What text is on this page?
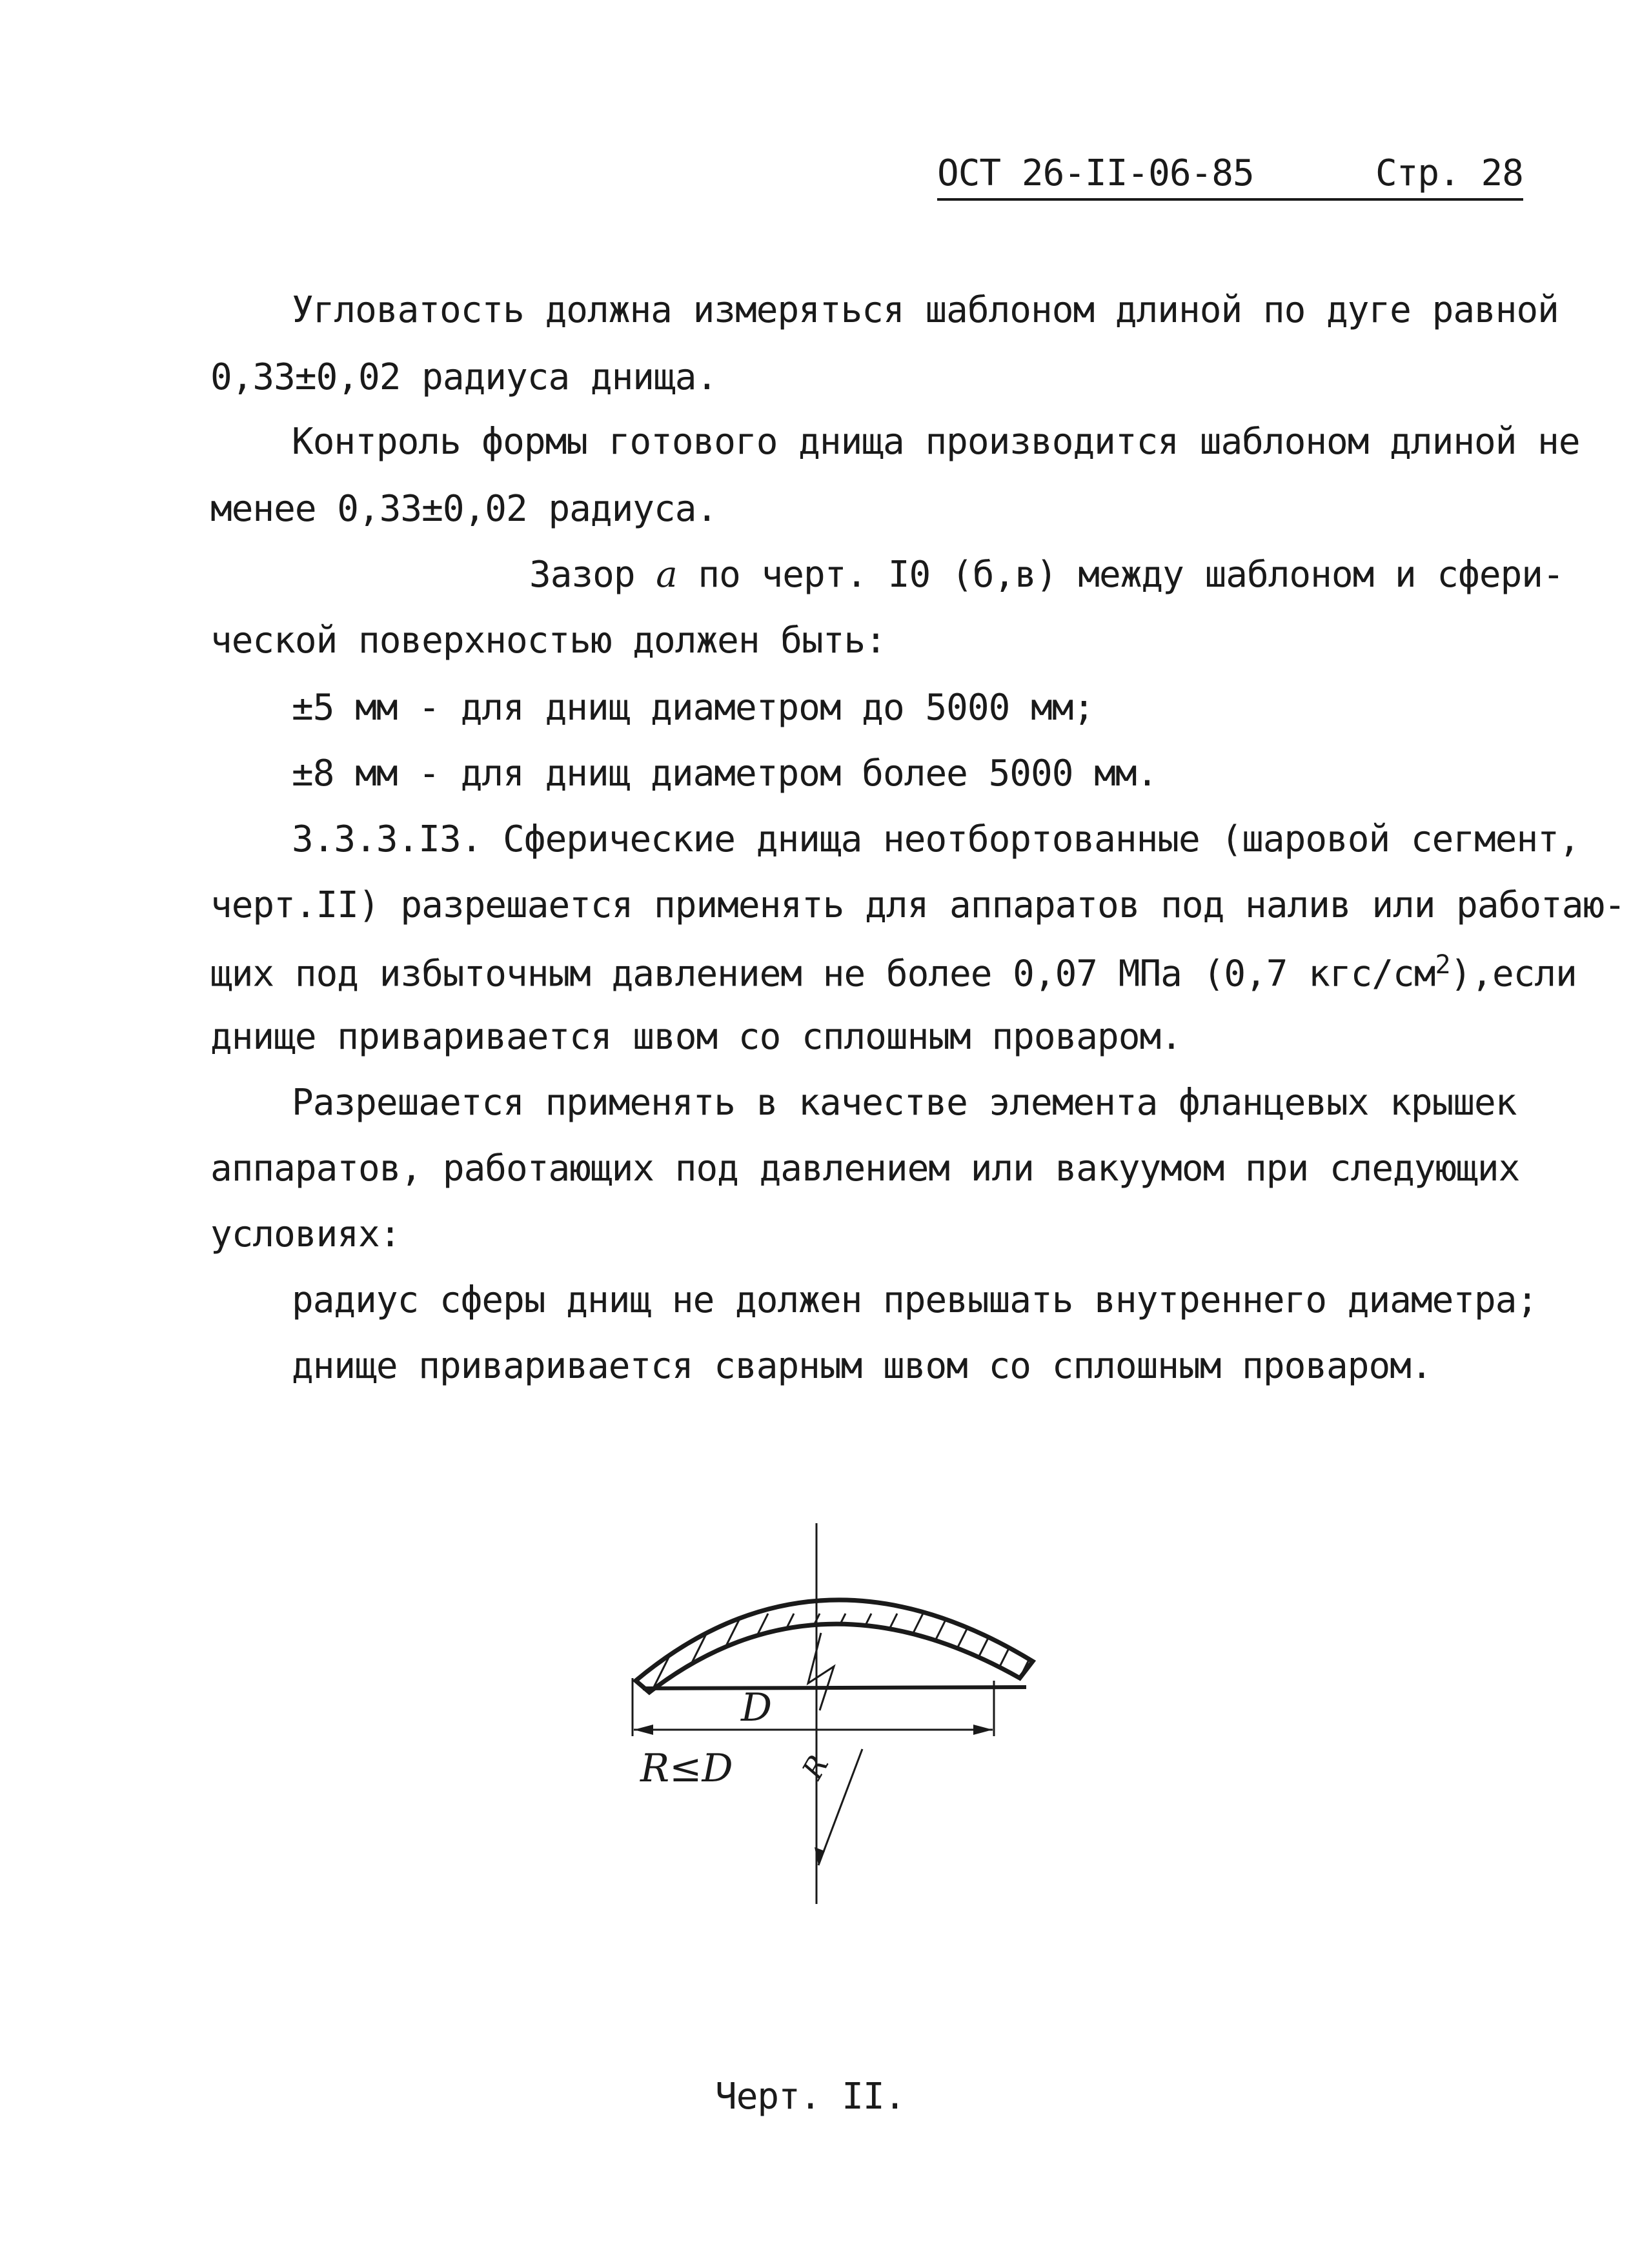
ОСТ 26-II-06-85	Стр. 28
Угловатость должна измеряться шаблоном длиной по дуге равной
0,33±0,02 радиуса днища.
Контроль формы готового днища производится шаблоном длиной не
менее 0,33±0,02 радиуса.
Зазор а по черт. I0 (б,в) между шаблоном и сфери-
ческой поверхностью должен быть:
±5 мм - для днищ диаметром до 5000 мм;
±8 мм - для днищ диаметром более 5000 мм.
3.3.3.I3. Сферические днища неотбортованные (шаровой сегмент,
черт.II) разрешается применять для аппаратов под налив или работаю-
щих под избыточным давлением не более 0,07 МПа (0,7 кгс/$см^2),если$
днище приваривается швом со сплошным проваром.
Разрешается применять в качестве элемента фланцевых крышек
аппаратов, работающих под давлением или вакуумом при следующих
условиях:
радиус сферы днищ не должен превышать внутреннего диаметра;
днище приваривается сварным швом со сплошным проваром.
D
R
R≤D
Черт. II.
